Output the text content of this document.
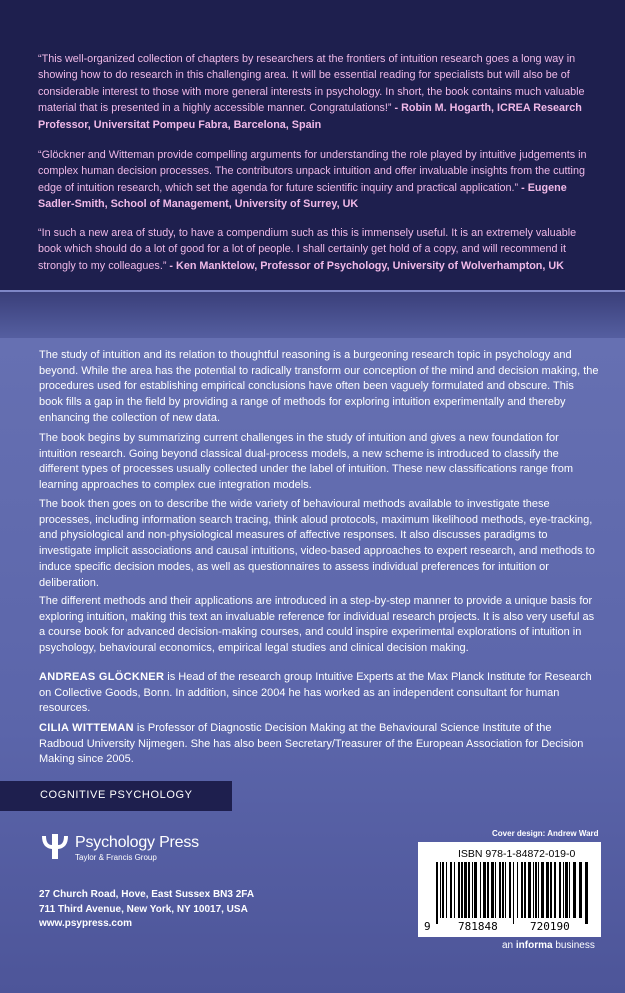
“This well-organized collection of chapters by researchers at the frontiers of intuition research goes a long way in showing how to do research in this challenging area. It will be essential reading for specialists but will also be of considerable interest to those with more general interests in psychology. In short, the book contains much valuable material that is presented in a highly accessible manner. Congratulations!” - Robin M. Hogarth, ICREA Research Professor, Universitat Pompeu Fabra, Barcelona, Spain

“Glöckner and Witteman provide compelling arguments for understanding the role played by intuitive judgements in complex human decision processes. The contributors unpack intuition and offer invaluable insights from the cutting edge of intuition research, which set the agenda for future scientific inquiry and practical application.” - Eugene Sadler-Smith, School of Management, University of Surrey, UK

“In such a new area of study, to have a compendium such as this is immensely useful. It is an extremely valuable book which should do a lot of good for a lot of people. I shall certainly get hold of a copy, and will recommend it strongly to my colleagues.” - Ken Manktelow, Professor of Psychology, University of Wolverhampton, UK

The study of intuition and its relation to thoughtful reasoning is a burgeoning research topic in psychology and beyond. While the area has the potential to radically transform our conception of the mind and decision making, the procedures used for establishing empirical conclusions have often been vaguely formulated and obscure. This book fills a gap in the field by providing a range of methods for exploring intuition experimentally and thereby enhancing the collection of new data.

The book begins by summarizing current challenges in the study of intuition and gives a new foundation for intuition research. Going beyond classical dual-process models, a new scheme is introduced to classify the different types of processes usually collected under the label of intuition. These new classifications range from learning approaches to complex cue integration models.

The book then goes on to describe the wide variety of behavioural methods available to investigate these processes, including information search tracing, think aloud protocols, maximum likelihood methods, eye-tracking, and physiological and non-physiological measures of affective responses. It also discusses paradigms to investigate implicit associations and causal intuitions, video-based approaches to expert research, and methods to induce specific decision modes, as well as questionnaires to assess individual preferences for intuition or deliberation.

The different methods and their applications are introduced in a step-by-step manner to provide a unique basis for exploring intuition, making this text an invaluable reference for individual research projects. It is also very useful as a course book for advanced decision-making courses, and could inspire experimental explorations of intuition in psychology, behavioural economics, empirical legal studies and clinical decision making.

ANDREAS GLÖCKNER is Head of the research group Intuitive Experts at the Max Planck Institute for Research on Collective Goods, Bonn. In addition, since 2004 he has worked as an independent consultant for human resources.

CILIA WITTEMAN is Professor of Diagnostic Decision Making at the Behavioural Science Institute of the Radboud University Nijmegen. She has also been Secretary/Treasurer of the European Association for Decision Making since 2005.

COGNITIVE PSYCHOLOGY
Psychology Press
Taylor & Francis Group
27 Church Road, Hove, East Sussex BN3 2FA
711 Third Avenue, New York, NY 10017, USA
www.psypress.com
Cover design: Andrew Ward
ISBN 978-1-84872-019-0
9 781848	720190
an informa business
